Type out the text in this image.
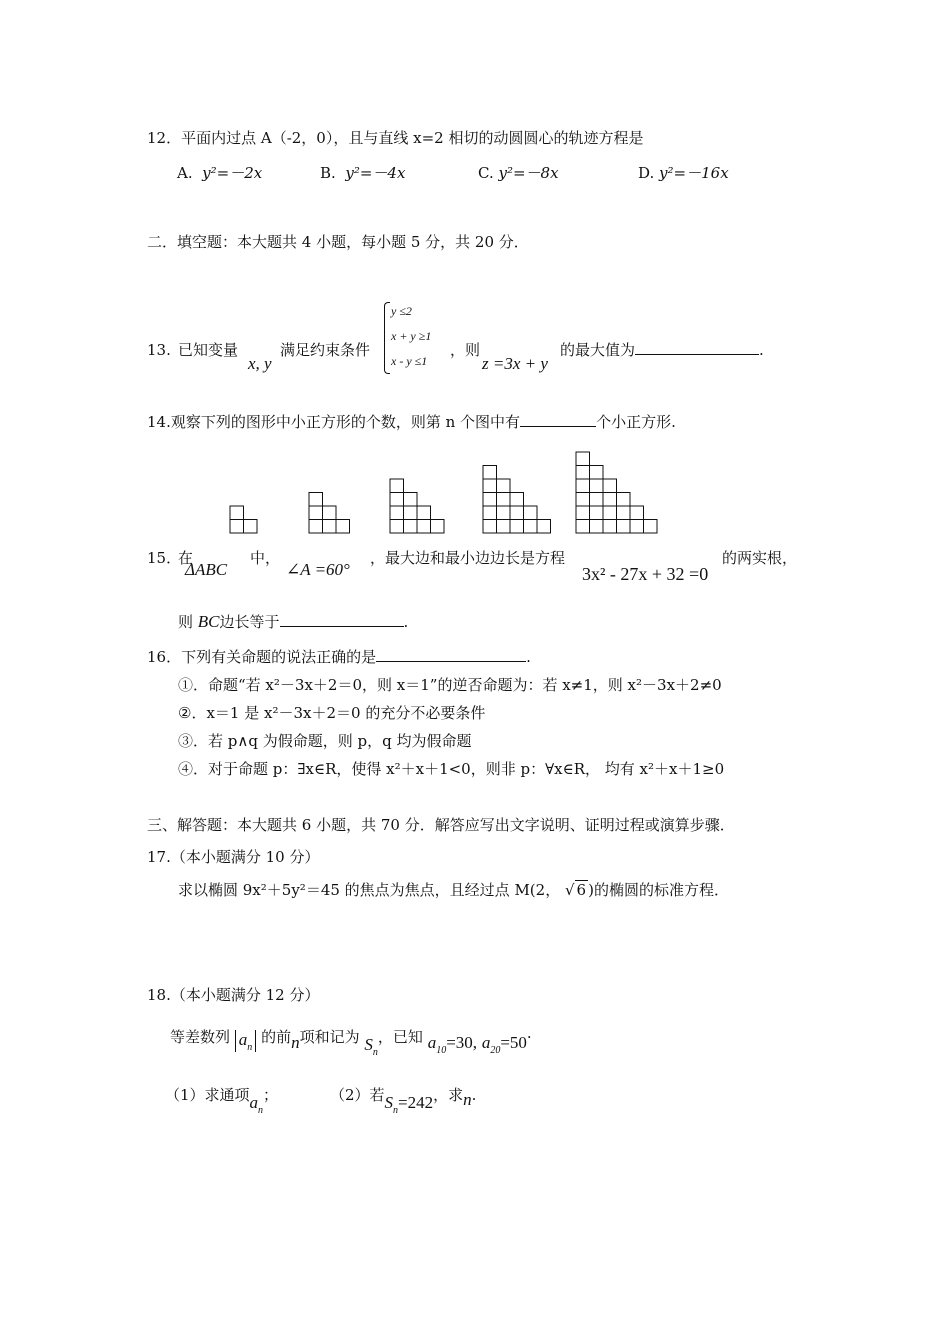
12．平面内过点 A（-2，0），且与直线 x=2 相切的动圆圆心的轨迹方程是
A. y²=－2x	B. y²=－4x	C. y²=－8x	D. y²=－16x
二．填空题：本大题共 4 小题，每小题 5 分，共 20 分．
13. 已知变量
x, y
满足约束条件
y ≤2
x + y ≥1
x - y ≤1
，则
z =3x + y
的最大值为	.
14.观察下列的图形中小正方形的个数，则第 n 个图中有	个小正方形.
15．
在
ΔABC
中，
∠A =60°
，最大边和最小边边长是方程
3x² - 27x + 32 =0
的两实根，
则 BC边长等于	.
16．下列有关命题的说法正确的是	.
①．命题“若 x²－3x＋2＝0，则 x＝1”的逆否命题为：若 x≠1，则 x²－3x＋2≠0
②．x＝1 是 x²－3x＋2＝0 的充分不必要条件
③．若 p∧q 为假命题，则 p，q 均为假命题
④．对于命题 p：∃x∈R，使得 x²＋x＋1<0，则非 p：∀x∈R， 均有 x²＋x＋1≥0
三、解答题：本大题共 6 小题，共 70 分．解答应写出文字说明、证明过程或演算步骤．
17.（本小题满分 10 分）
求以椭圆 9x²＋5y²＝45 的焦点为焦点，且经过点 M(2， √ 6 )的椭圆的标准方程．
18.（本小题满分 12 分）
等差数列 $a_n$ 的前n项和记为 $S_n$，已知 $a_{10}=30$, $a_{20}=50\cdot$
（1）求通项$a_n$；	（2）若$S_n=242$，求n.
